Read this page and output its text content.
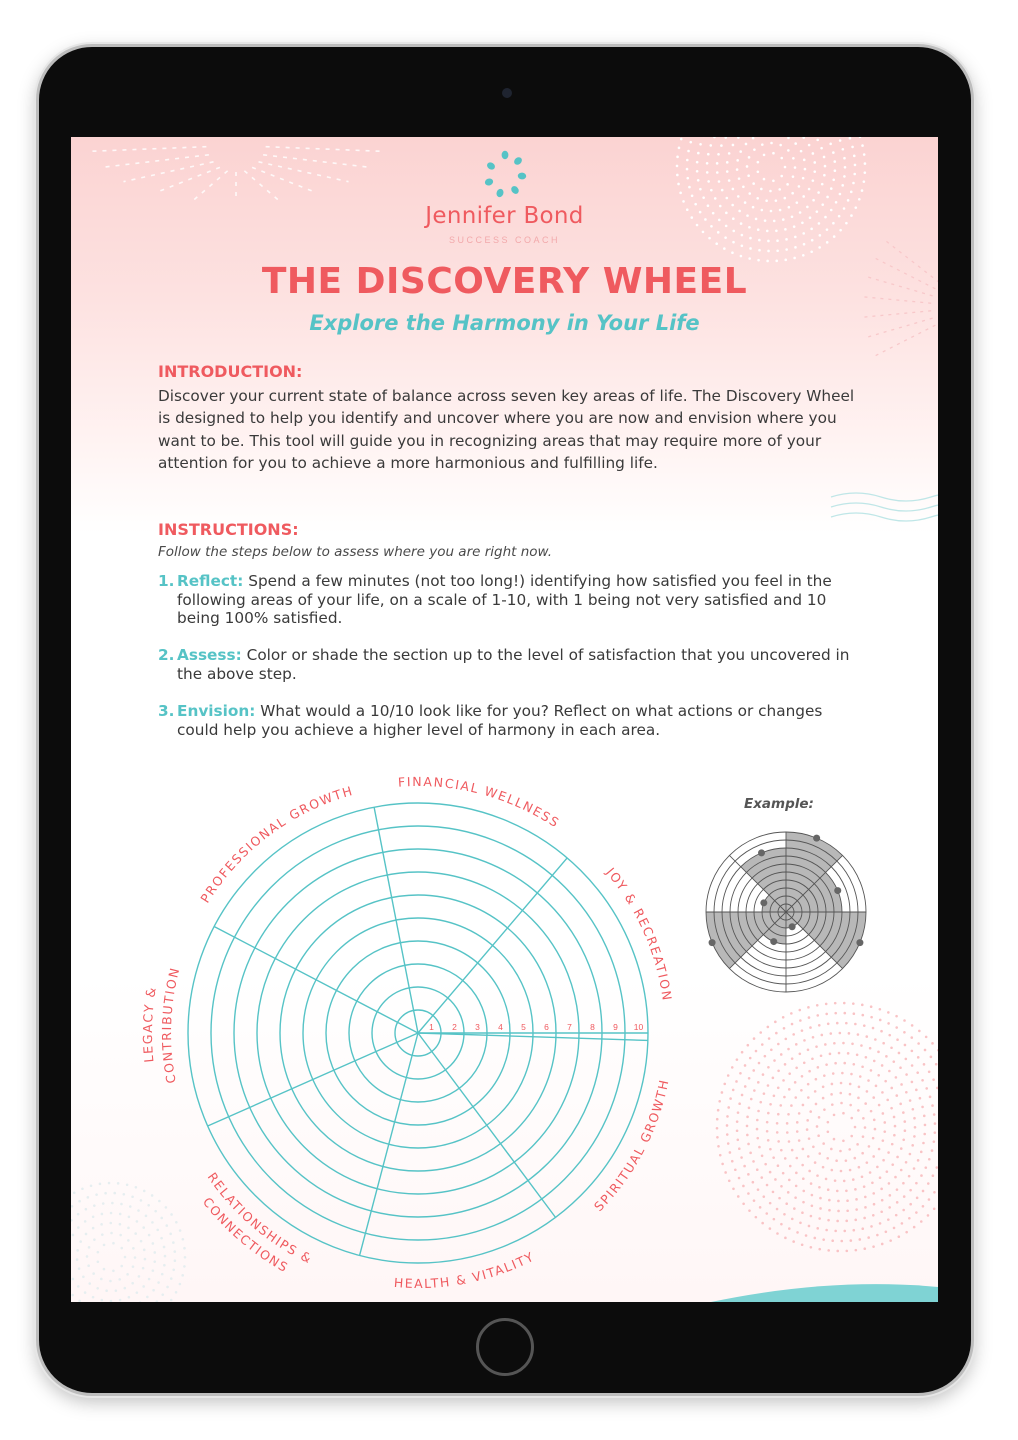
Jennifer Bond
SUCCESS COACH
THE DISCOVERY WHEEL
Explore the Harmony in Your Life
INTRODUCTION:
Discover your current state of balance across seven key areas of life. The Discovery Wheel is designed to help you identify and uncover where you are now and envision where you want to be. This tool will guide you in recognizing areas that may require more of your attention for you to achieve a more harmonious and fulfilling life.
INSTRUCTIONS:
Follow the steps below to assess where you are right now.
1. Reflect: Spend a few minutes (not too long!) identifying how satisfied you feel in the following areas of your life, on a scale of 1-10, with 1 being not very satisfied and 10 being 100% satisfied.
2. Assess: Color or shade the section up to the level of satisfaction that you uncovered in the above step.
3. Envision: What would a 10/10 look like for you? Reflect on what actions or changes could help you achieve a higher level of harmony in each area.
1 2 3 4 5 6 7 8 9 10
FINANCIAL WELLNESS
JOY & RECREATION
SPIRITUAL GROWTH
HEALTH & VITALITY
RELATIONSHIPS &
CONNECTIONS
LEGACY &
CONTRIBUTION
PROFESSIONAL GROWTH
Example:
